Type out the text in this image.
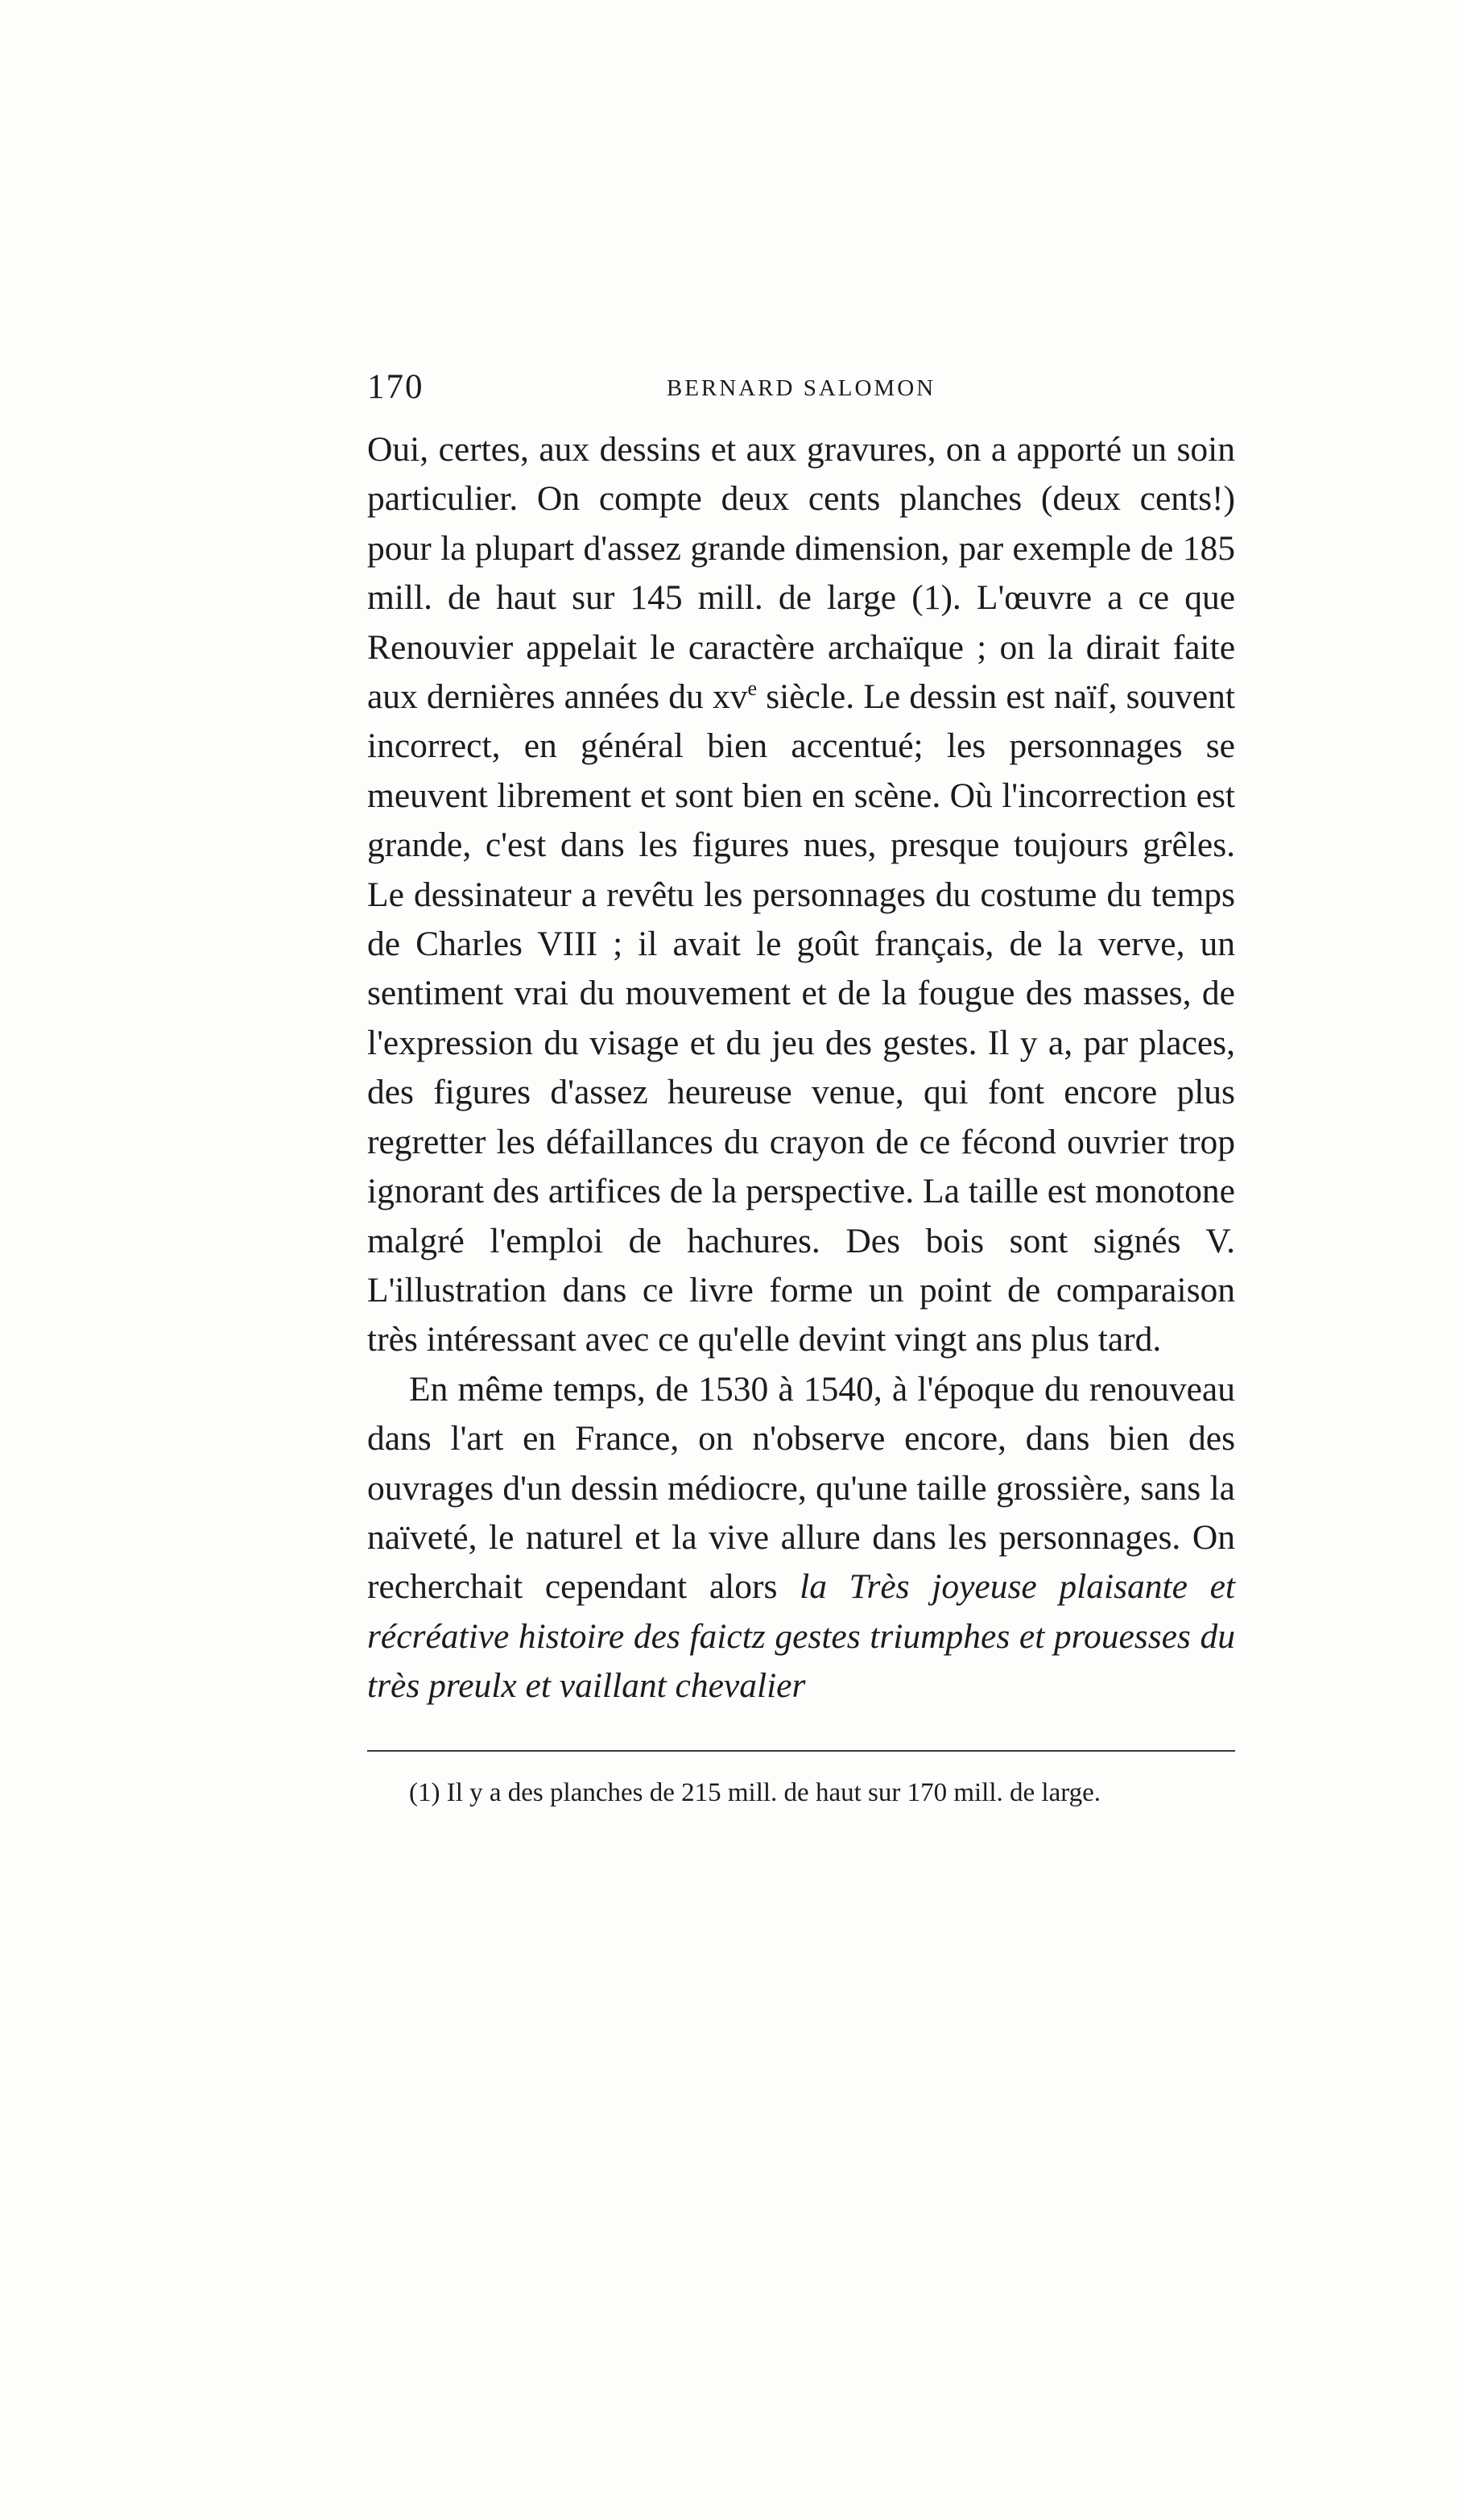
170	BERNARD SALOMON

Oui, certes, aux dessins et aux gravures, on a apporté un soin particulier. On compte deux cents planches (deux cents!) pour la plupart d'assez grande dimension, par exemple de 185 mill. de haut sur 145 mill. de large (1). L'œuvre a ce que Renouvier appelait le caractère archaïque ; on la dirait faite aux dernières années du $xv^e$ siècle. Le dessin est naïf, souvent incorrect, en général bien accentué; les personnages se meuvent librement et sont bien en scène. Où l'incorrection est grande, c'est dans les figures nues, presque toujours grêles. Le dessinateur a revêtu les personnages du costume du temps de Charles VIII ; il avait le goût français, de la verve, un sentiment vrai du mouvement et de la fougue des masses, de l'expression du visage et du jeu des gestes. Il y a, par places, des figures d'assez heureuse venue, qui font encore plus regretter les défaillances du crayon de ce fécond ouvrier trop ignorant des artifices de la perspective. La taille est monotone malgré l'emploi de hachures. Des bois sont signés V. L'illustration dans ce livre forme un point de comparaison très intéressant avec ce qu'elle devint vingt ans plus tard.

En même temps, de 1530 à 1540, à l'époque du renouveau dans l'art en France, on n'observe encore, dans bien des ouvrages d'un dessin médiocre, qu'une taille grossière, sans la naïveté, le naturel et la vive allure dans les personnages. On recherchait cependant alors la Très joyeuse plaisante et récréative histoire des faictz gestes triumphes et prouesses du très preulx et vaillant chevalier

(1) Il y a des planches de 215 mill. de haut sur 170 mill. de large.
